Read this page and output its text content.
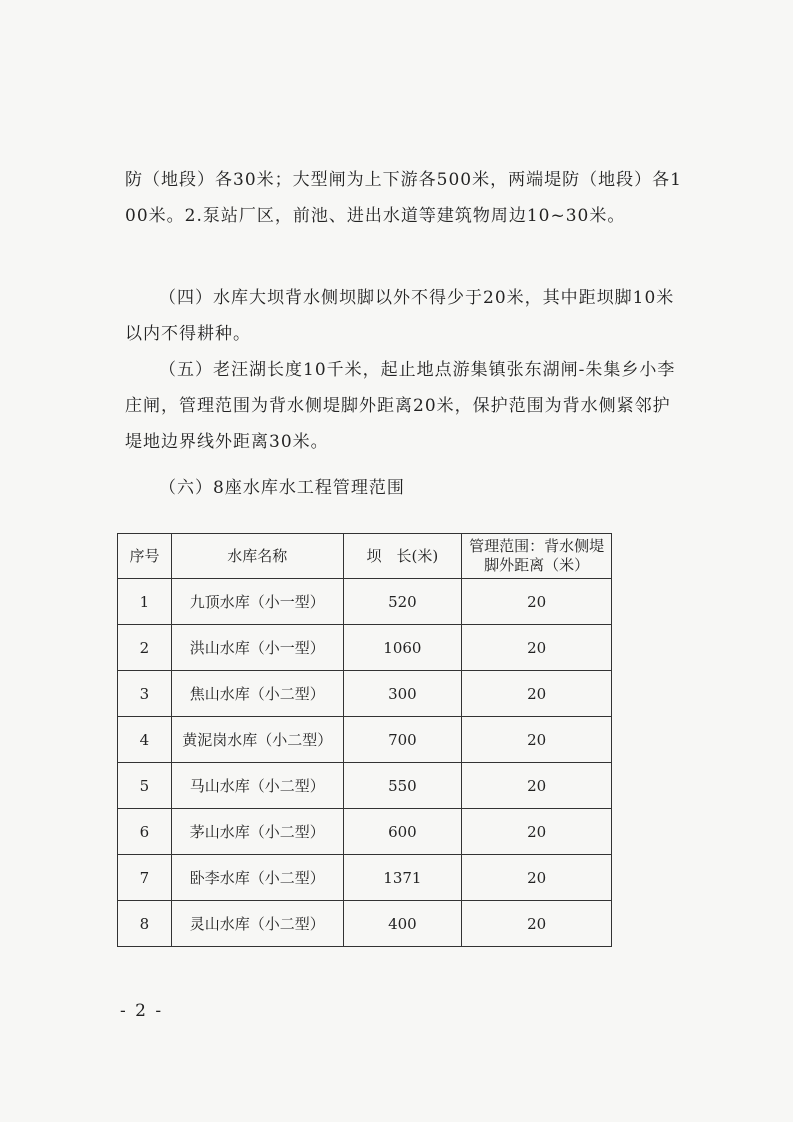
防（地段）各30米；大型闸为上下游各500米，两端堤防（地段）各100米。2.泵站厂区，前池、进出水道等建筑物周边10~30米。

（四）水库大坝背水侧坝脚以外不得少于20米，其中距坝脚10米以内不得耕种。

（五）老汪湖长度10千米，起止地点游集镇张东湖闸-朱集乡小李庄闸，管理范围为背水侧堤脚外距离20米，保护范围为背水侧紧邻护堤地边界线外距离30米。

（六）8座水库水工程管理范围

序号	水库名称	坝　长(米)	管理范围：背水侧堤脚外距离（米）
1	九顶水库（小一型）	520	20
2	洪山水库（小一型）	1060	20
3	焦山水库（小二型）	300	20
4	黄泥岗水库（小二型）	700	20
5	马山水库（小二型）	550	20
6	茅山水库（小二型）	600	20
7	卧李水库（小二型）	1371	20
8	灵山水库（小二型）	400	20
- 2 -
